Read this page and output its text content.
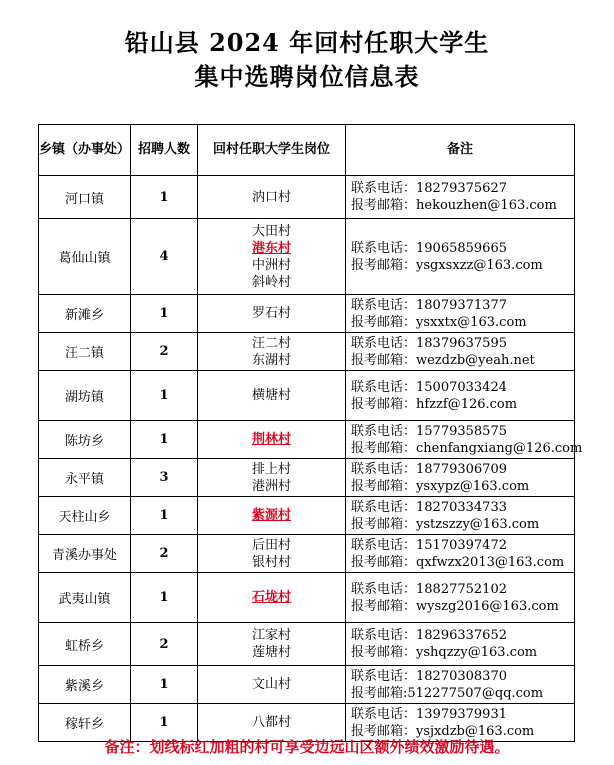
铅山县 2024 年回村任职大学生
集中选聘岗位信息表
乡镇（办事处）	招聘人数	回村任职大学生岗位	备注
河口镇	1	汭口村	联系电话：18279375627
报考邮箱：hekouzhen@163.com

葛仙山镇	4	大田村
港东村
中洲村
斜岭村	联系电话：19065859665
报考邮箱：ysgxsxzz@163.com

新滩乡	1	罗石村	联系电话：18079371377
报考邮箱：ysxxtx@163.com

汪二镇	2	汪二村
东湖村	联系电话：18379637595
报考邮箱：wezdzb@yeah.net

湖坊镇	1	横塘村	联系电话：15007033424
报考邮箱：hfzzf@126.com

陈坊乡	1	荆林村	联系电话：15779358575
报考邮箱：chenfangxiang@126.com

永平镇	3	排上村
港洲村	联系电话：18779306709
报考邮箱：ysxypz@163.com

天柱山乡	1	紫源村	联系电话：18270334733
报考邮箱：ystzszzy@163.com

青溪办事处	2	后田村
银村村	联系电话：15170397472
报考邮箱：qxfwzx2013@163.com

武夷山镇	1	石垅村	联系电话：18827752102
报考邮箱：wyszg2016@163.com

虹桥乡	2	江家村
莲塘村	联系电话：18296337652
报考邮箱：yshqzzy@163.com

紫溪乡	1	文山村	联系电话：18270308370
报考邮箱:512277507@qq.com

稼轩乡	1	八都村	联系电话：13979379931
报考邮箱：ysjxdzb@163.com
备注：划线标红加粗的村可享受边远山区额外绩效激励待遇。
